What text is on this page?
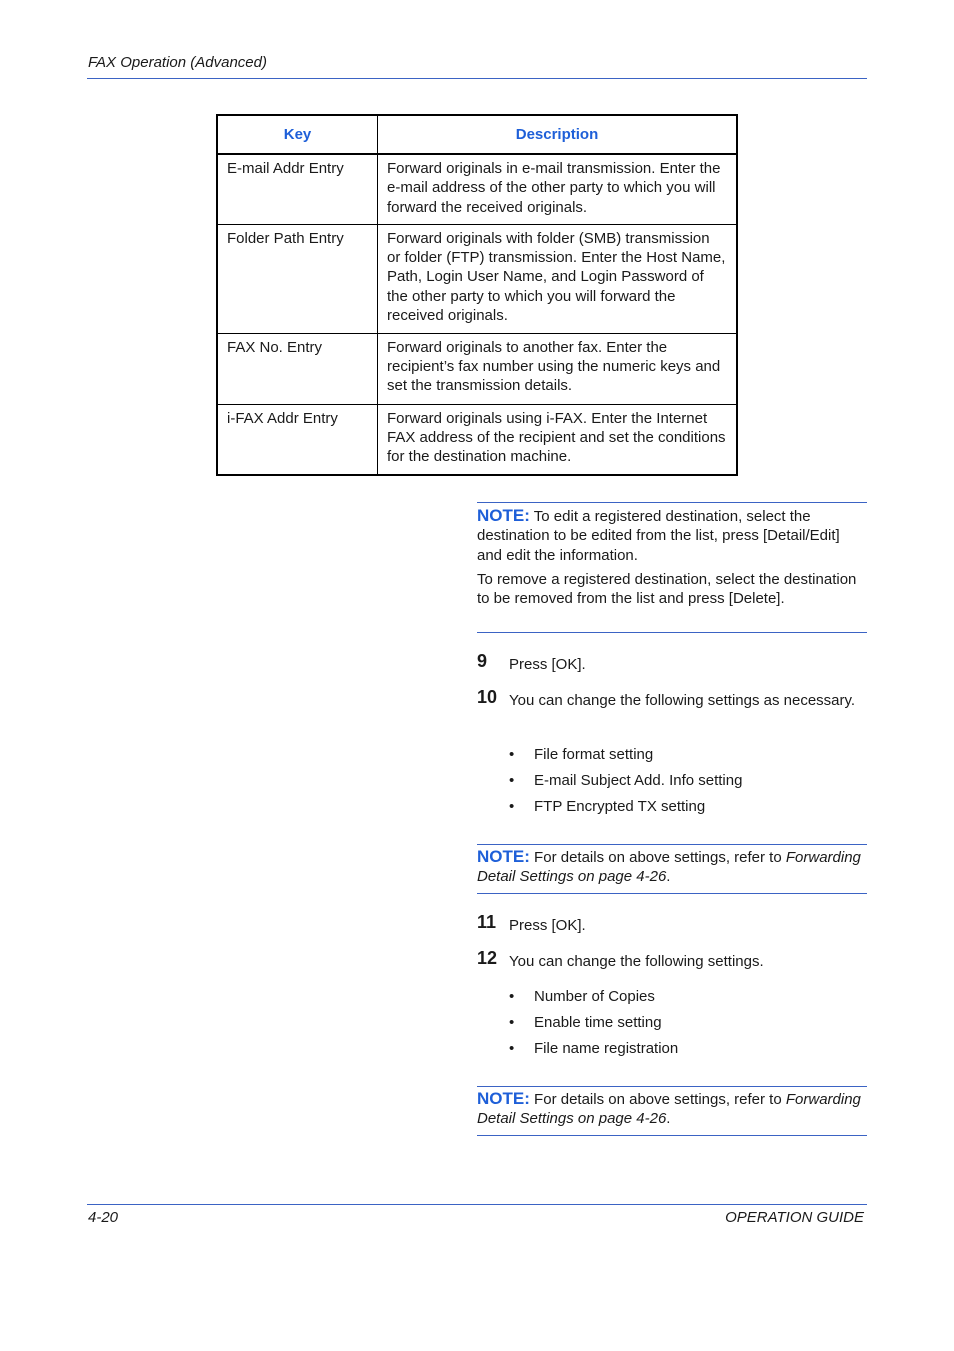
FAX Operation (Advanced)
Key	Description
E-mail Addr Entry	Forward originals in e-mail transmission. Enter the e-mail address of the other party to which you will forward the received originals.
Folder Path Entry	Forward originals with folder (SMB) transmission or folder (FTP) transmission. Enter the Host Name, Path, Login User Name, and Login Password of the other party to which you will forward the received originals.
FAX No. Entry	Forward originals to another fax. Enter the recipient’s fax number using the numeric keys and set the transmission details.
i-FAX Addr Entry	Forward originals using i-FAX. Enter the Internet FAX address of the recipient and set the conditions for the destination machine.

NOTE: To edit a registered destination, select the destination to be edited from the list, press [Detail/Edit] and edit the information.

To remove a registered destination, select the destination to be removed from the list and press [Delete].

9 Press [OK].
10 You can change the following settings as necessary.
• File format setting
• E-mail Subject Add. Info setting
• FTP Encrypted TX setting

NOTE: For details on above settings, refer to Forwarding Detail Settings on page 4-26.

11 Press [OK].
12 You can change the following settings.
• Number of Copies
• Enable time setting
• File name registration

NOTE: For details on above settings, refer to Forwarding Detail Settings on page 4-26.

4-20	OPERATION GUIDE
